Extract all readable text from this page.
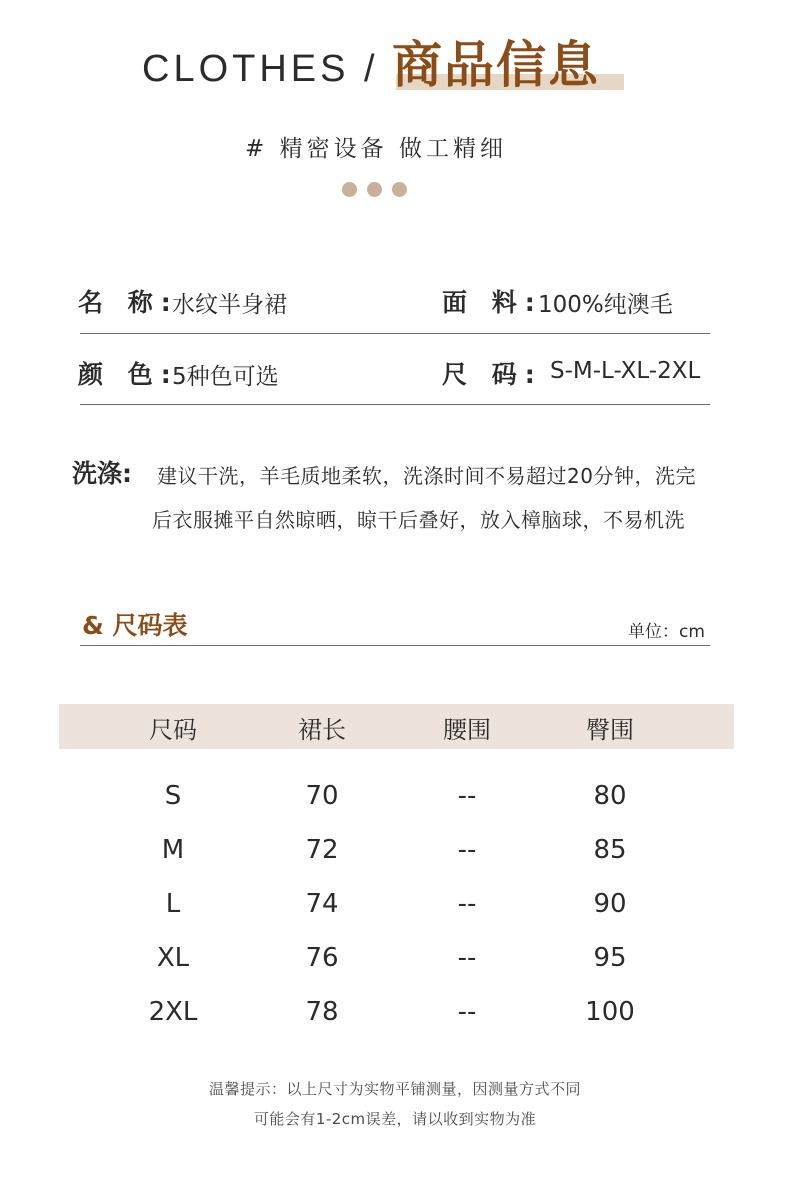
CLOTHES / 商品信息
# 精密设备 做工精细
名 称:
水纹半身裙	面 料:
100%纯澳毛
颜 色:
5种色可选	尺 码: S-M-L-XL-2XL
洗涤: 建议干洗，羊毛质地柔软，洗涤时间不易超过20分钟，洗完
后衣服摊平自然晾晒，晾干后叠好，放入樟脑球，不易机洗
& 尺码表	单位：cm
尺码	裙长	腰围	臀围
S	70	--	80
M	72	--	85
L	74	--	90
XL	76	--	95
2XL	78	--	100
温馨提示：以上尺寸为实物平铺测量，因测量方式不同
可能会有1-2cm误差，请以收到实物为准
